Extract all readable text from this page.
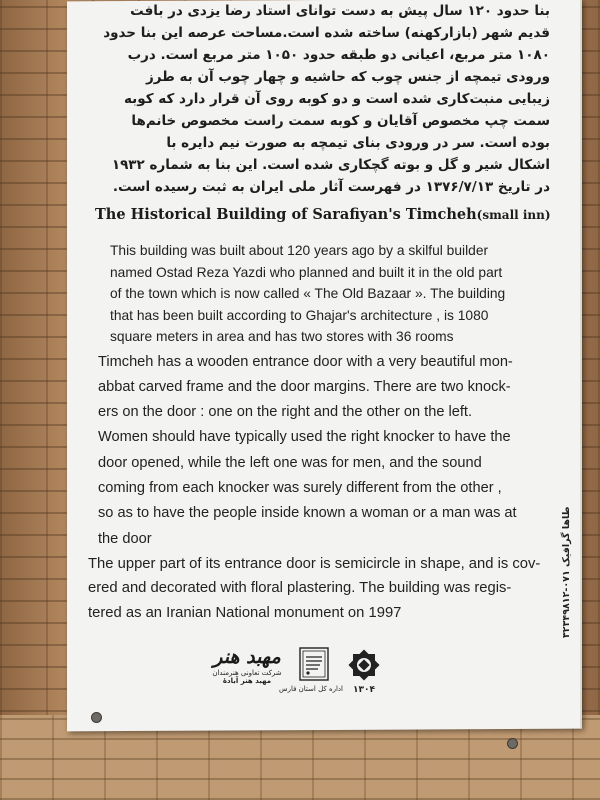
بنا حدود ۱۲۰ سال پیش به دست توانای استاد رضا یزدی در بافت
قدیم شهر (بازارکهنه) ساخته شده است.مساحت عرصه این بنا حدود
۱۰۸۰ متر مربع، اعیانی دو طبقه حدود ۱۰۵۰ متر مربع است. درب
ورودی تیمچه از جنس چوب که حاشیه و چهار چوب آن به طرز
زیبایی منبت‌کاری شده است و دو کوبه روی آن قرار دارد که کوبه
سمت چپ مخصوص آقایان و کوبه سمت راست مخصوص خانم‌ها
بوده است. سر در ورودی بنای تیمچه به صورت نیم دایره با
اشکال شیر و گل و بوته گچکاری شده است. این بنا به شماره ۱۹۳۲
در تاریخ ۱۳۷۶/۷/۱۳ در فهرست آثار ملی ایران به ثبت رسیده است.
The Historical Building of Sarafiyan's Timcheh(small inn)
This building was built about 120 years ago by a skilful builder
named Ostad Reza Yazdi who planned and built it in the old part
of the town which is now called « The Old Bazaar ». The building
that has been built according to Ghajar's architecture , is 1080
square meters in area and has two stores with 36 rooms
Timcheh has a wooden entrance door with a very beautiful mon-
abbat carved frame and the door margins. There are two knock-
ers on the door : one on the right and the other on the left.
Women should have typically used the right knocker to have the
door opened, while the left one was for men, and the sound
coming from each knocker was surely different from the other ,
so as to have the people inside known a woman or a man was at
the door
The upper part of its entrance door is semicircle in shape, and is cov-
ered and decorated with floral plastering. The building was regis-
tered as an Iranian National monument on 1997
مهبد هنر
شرکت تعاونی هنرمندان
مهبد هنر آبادهٔ
اداره کل استان فارس	۱۳۰۴
طاها گرافیک ۰۷۱-۳۲۳۴۹۸۱۲
